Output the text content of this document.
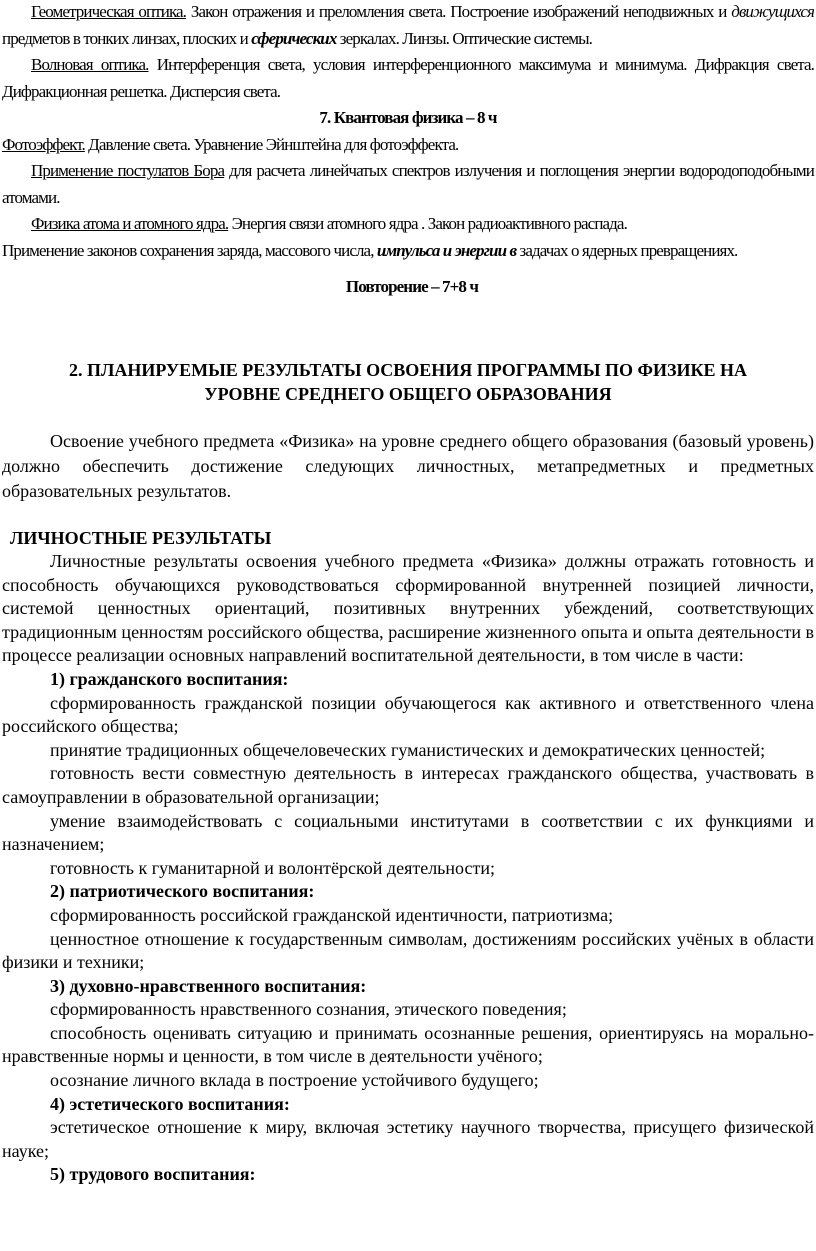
Геометрическая оптика. Закон отражения и преломления света. Построение изображений неподвижных и движущихся предметов в тонких линзах, плоских и сферических зеркалах. Линзы. Оптические системы.

Волновая оптика. Интерференция света, условия интерференционного максимума и минимума. Дифракция света. Дифракционная решетка. Дисперсия света.

7. Квантовая физика – 8 ч

Фотоэффект. Давление света. Уравнение Эйнштейна для фотоэффекта.

Применение постулатов Бора для расчета линейчатых спектров излучения и поглощения энергии водородоподобными атомами.

Физика атома и атомного ядра. Энергия связи атомного ядра . Закон радиоактивного распада.

Применение законов сохранения заряда, массового числа, импульса и энергии в задачах о ядерных превращениях.

Повторение – 7+8 ч

2. ПЛАНИРУЕМЫЕ РЕЗУЛЬТАТЫ ОСВОЕНИЯ ПРОГРАММЫ ПО ФИЗИКЕ НА
УРОВНЕ СРЕДНЕГО ОБЩЕГО ОБРАЗОВАНИЯ

Освоение учебного предмета «Физика» на уровне среднего общего образования (базовый уровень) должно обеспечить достижение следующих личностных, метапредметных и предметных образовательных результатов.

ЛИЧНОСТНЫЕ РЕЗУЛЬТАТЫ

Личностные результаты освоения учебного предмета «Физика» должны отражать готовность и способность обучающихся руководствоваться сформированной внутренней позицией личности, системой ценностных ориентаций, позитивных внутренних убеждений, соответствующих традиционным ценностям российского общества, расширение жизненного опыта и опыта деятельности в процессе реализации основных направлений воспитательной деятельности, в том числе в части:

1) гражданского воспитания:

сформированность гражданской позиции обучающегося как активного и ответственного члена российского общества;

принятие традиционных общечеловеческих гуманистических и демократических ценностей;

готовность вести совместную деятельность в интересах гражданского общества, участвовать в самоуправлении в образовательной организации;

умение взаимодействовать с социальными институтами в соответствии с их функциями и назначением;

готовность к гуманитарной и волонтёрской деятельности;

2) патриотического воспитания:

сформированность российской гражданской идентичности, патриотизма;

ценностное отношение к государственным символам, достижениям российских учёных в области физики и техники;

3) духовно-нравственного воспитания:

сформированность нравственного сознания, этического поведения;

способность оценивать ситуацию и принимать осознанные решения, ориентируясь на морально-нравственные нормы и ценности, в том числе в деятельности учёного;

осознание личного вклада в построение устойчивого будущего;

4) эстетического воспитания:

эстетическое отношение к миру, включая эстетику научного творчества, присущего физической науке;

5) трудового воспитания:
